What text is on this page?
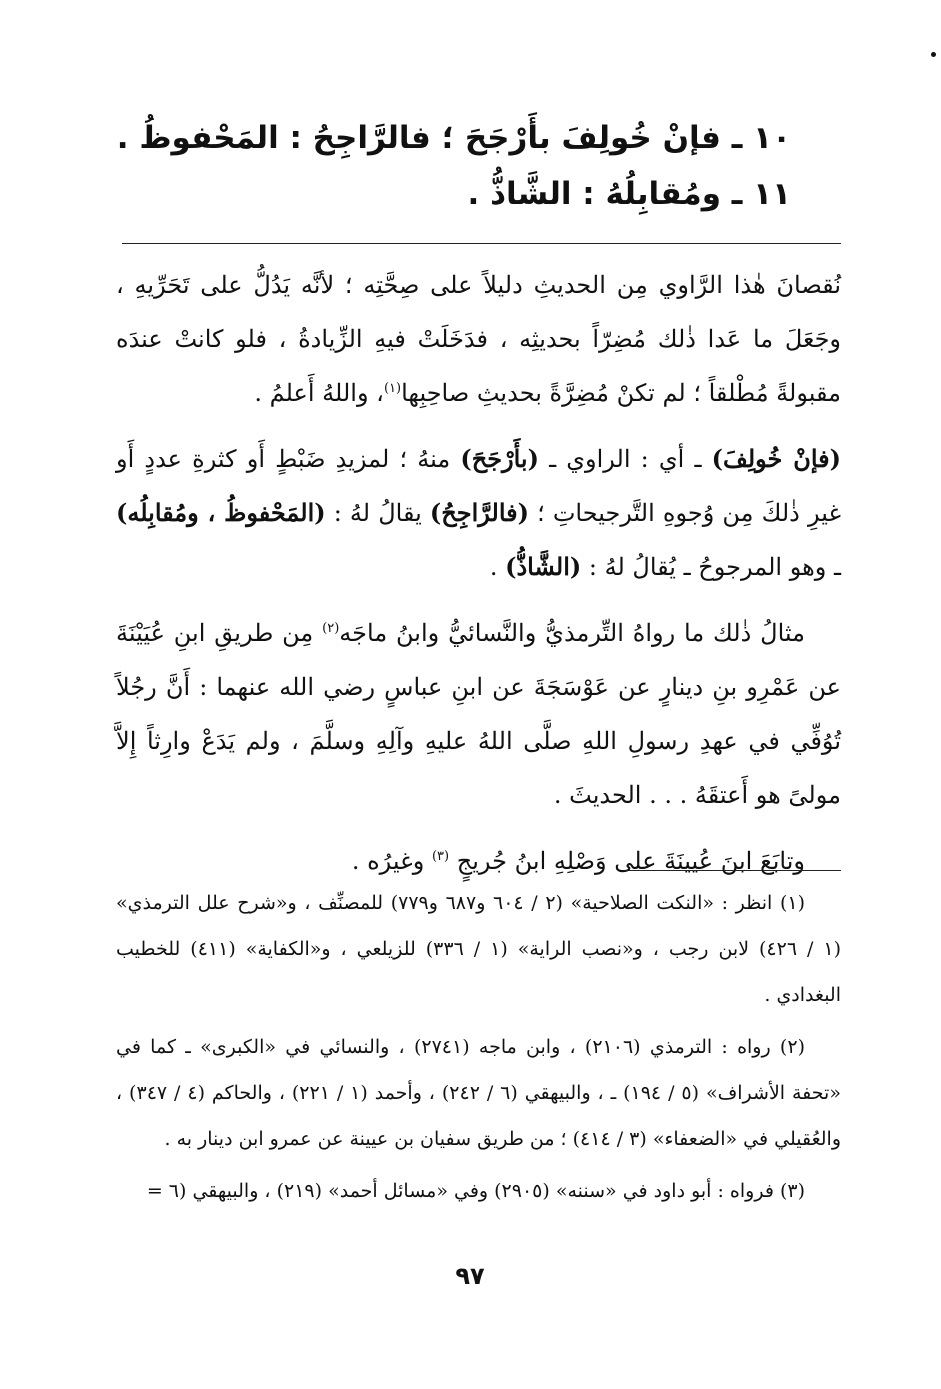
١٠ ـ فإنْ خُولِفَ بأَرْجَحَ ؛ فالرَّاجِحُ : المَحْفوظُ .
١١ ـ ومُقابِلُهُ : الشَّاذُّ .

نُقصانَ هٰذا الرَّاوي مِن الحديثِ دليلاً على صِحَّتِه ؛ لأنَّه يَدُلُّ على تَحَرِّيهِ ، وجَعَلَ ما عَدا ذٰلك مُضِرّاً بحديثِه ، فدَخَلَتْ فيهِ الزِّيادةُ ، فلو كانتْ عندَه مقبولةً مُطْلقاً ؛ لم تكنْ مُضِرَّةً بحديثِ صاحِبِها$^{(١)}$، واللهُ أَعلمُ .

(فإنْ خُولِفَ) ـ أي : الراوي ـ (بأَرْجَحَ) منهُ ؛ لمزيدِ ضَبْطٍ أَو كثرةِ عددٍ أَو غيرِ ذٰلكَ مِن وُجوهِ التَّرجيحاتِ ؛ (فالرَّاجِحُ) يقالُ لهُ : (المَحْفوظُ ، ومُقابِلُه) ـ وهو المرجوحُ ـ يُقالُ لهُ : (الشَّاذُّ) .

مثالُ ذٰلك ما رواهُ التِّرمذيُّ والنَّسائيُّ وابنُ ماجَه$^{(٢)}$ مِن طريقِ ابنِ عُيَيْنَةَ عن عَمْرِو بنِ دينارٍ عن عَوْسَجَةَ عن ابنِ عباسٍ رضي الله عنهما : أَنَّ رجُلاً تُوُفِّي في عهدِ رسولِ اللهِ صلَّى اللهُ عليهِ وآلِهِ وسلَّمَ ، ولم يَدَعْ وارِثاً إِلاَّ مولىً هو أَعتقَهُ . . . الحديثَ .

وتابَعَ ابنَ عُيينَةَ على وَصْلِهِ ابنُ جُريجٍ $^{(٣)}$ وغيرُه .

(١) انظر : «النكت الصلاحية» (٢ / ٦٠٤ و٦٨٧ و٧٧٩) للمصنِّف ، و«شرح علل الترمذي» (١ / ٤٢٦) لابن رجب ، و«نصب الراية» (١ / ٣٣٦) للزيلعي ، و«الكفاية» (٤١١) للخطيب البغدادي .

(٢) رواه : الترمذي (٢١٠٦) ، وابن ماجه (٢٧٤١) ، والنسائي في «الكبرى» ـ كما في «تحفة الأشراف» (٥ / ١٩٤) ـ ، والبيهقي (٦ / ٢٤٢) ، وأحمد (١ / ٢٢١) ، والحاكم (٤ / ٣٤٧) ، والعُقيلي في «الضعفاء» (٣ / ٤١٤) ؛ من طريق سفيان بن عيينة عن عمرو ابن دينار به .

(٣) فرواه : أبو داود في «سننه» (٢٩٠٥) وفي «مسائل أحمد» (٢١٩) ، والبيهقي (٦ =

٩٧
